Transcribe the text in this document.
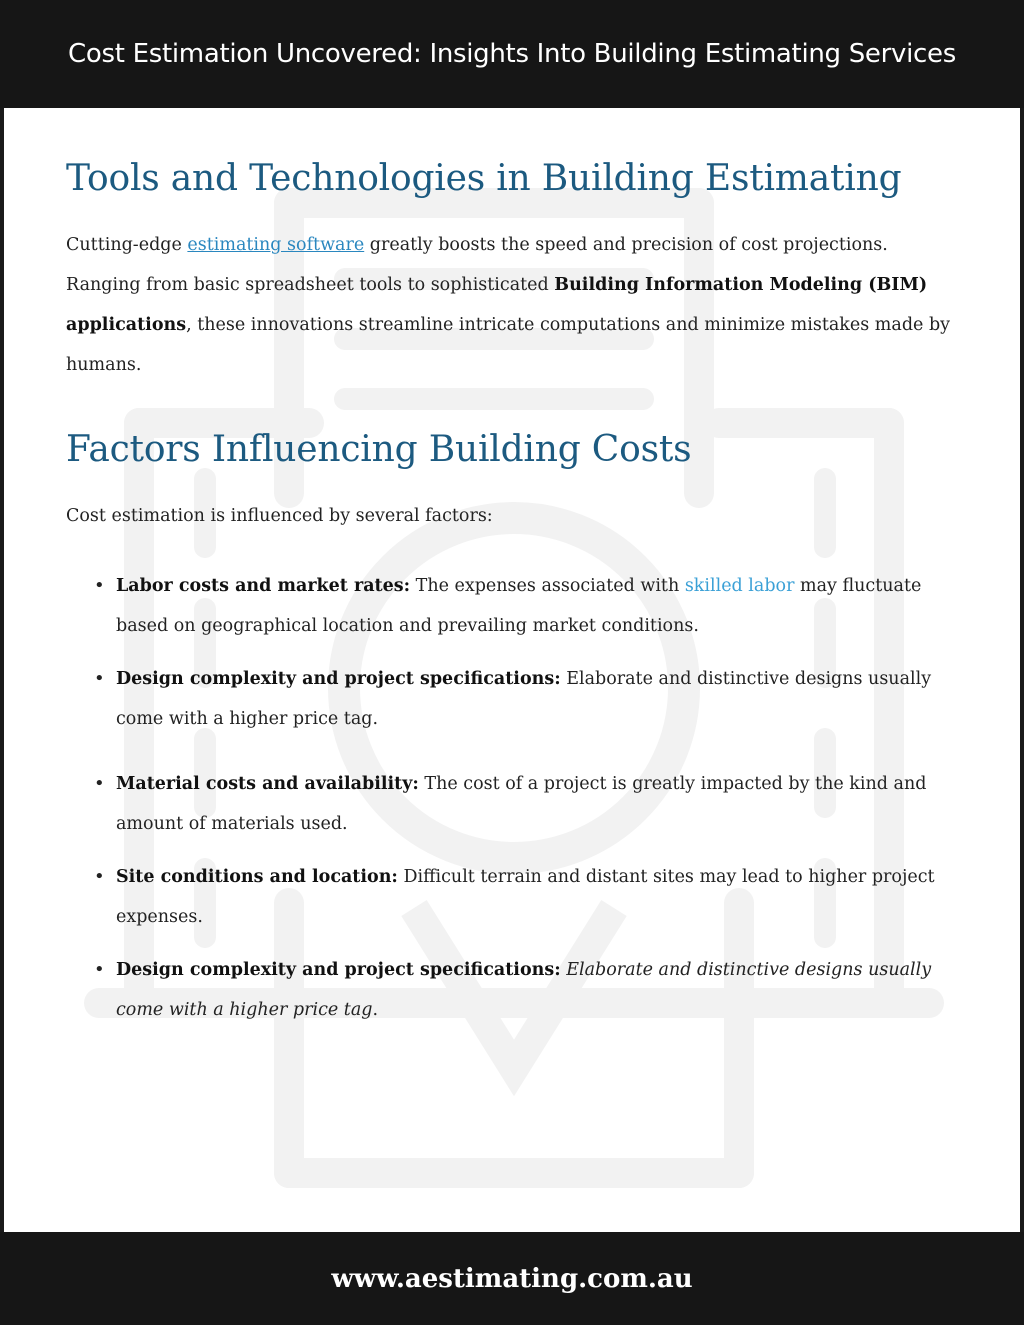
Cost Estimation Uncovered: Insights Into Building Estimating Services
Tools and Technologies in Building Estimating

Cutting-edge estimating software greatly boosts the speed and precision of cost projections. Ranging from basic spreadsheet tools to sophisticated Building Information Modeling (BIM) applications, these innovations streamline intricate computations and minimize mistakes made by humans.

Factors Influencing Building Costs

Cost estimation is influenced by several factors:

• Labor costs and market rates: The expenses associated with skilled labor may fluctuate based on geographical location and prevailing market conditions.
• Design complexity and project specifications: Elaborate and distinctive designs usually come with a higher price tag.
• Material costs and availability: The cost of a project is greatly impacted by the kind and amount of materials used.
• Site conditions and location: Difficult terrain and distant sites may lead to higher project expenses.
• Design complexity and project specifications: Elaborate and distinctive designs usually come with a higher price tag.
www.aestimating.com.au
